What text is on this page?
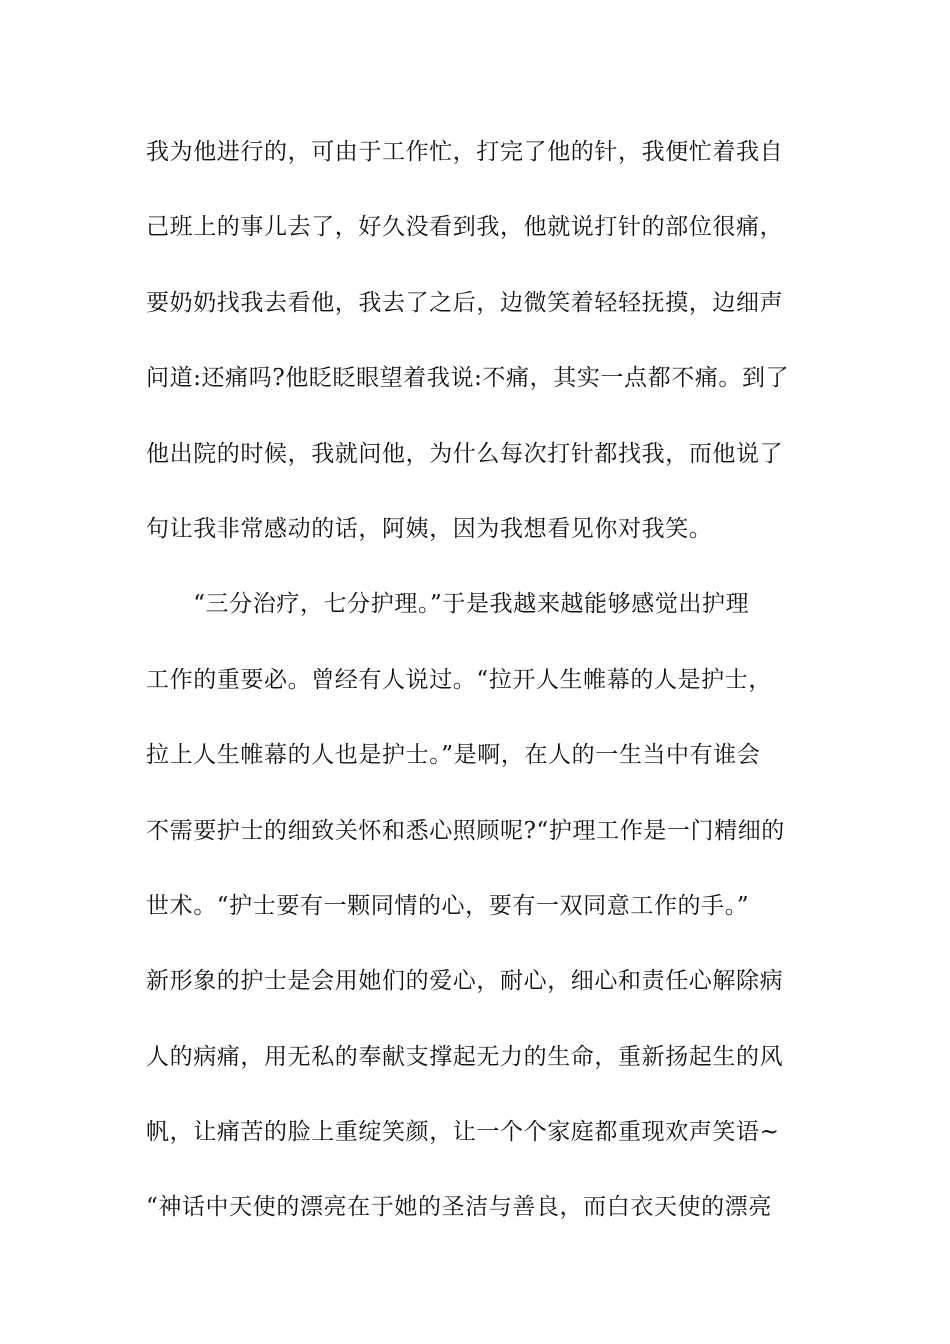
我为他进行的，可由于工作忙，打完了他的针，我便忙着我自
己班上的事儿去了，好久没看到我，他就说打针的部位很痛，
要奶奶找我去看他，我去了之后，边微笑着轻轻抚摸，边细声
问道:还痛吗?他眨眨眼望着我说:不痛，其实一点都不痛。到了
他出院的时候，我就问他，为什么每次打针都找我，而他说了
句让我非常感动的话，阿姨，因为我想看见你对我笑。
　　“三分治疗，七分护理。”于是我越来越能够感觉出护理
工作的重要必。曾经有人说过。“拉开人生帷幕的人是护士，
拉上人生帷幕的人也是护士。”是啊，在人的一生当中有谁会
不需要护士的细致关怀和悉心照顾呢?“护理工作是一门精细的
世术。“护士要有一颗同情的心，要有一双同意工作的手。”
新形象的护士是会用她们的爱心，耐心，细心和责任心解除病
人的病痛，用无私的奉献支撑起无力的生命，重新扬起生的风
帆，让痛苦的脸上重绽笑颜，让一个个家庭都重现欢声笑语~
“神话中天使的漂亮在于她的圣洁与善良，而白衣天使的漂亮
